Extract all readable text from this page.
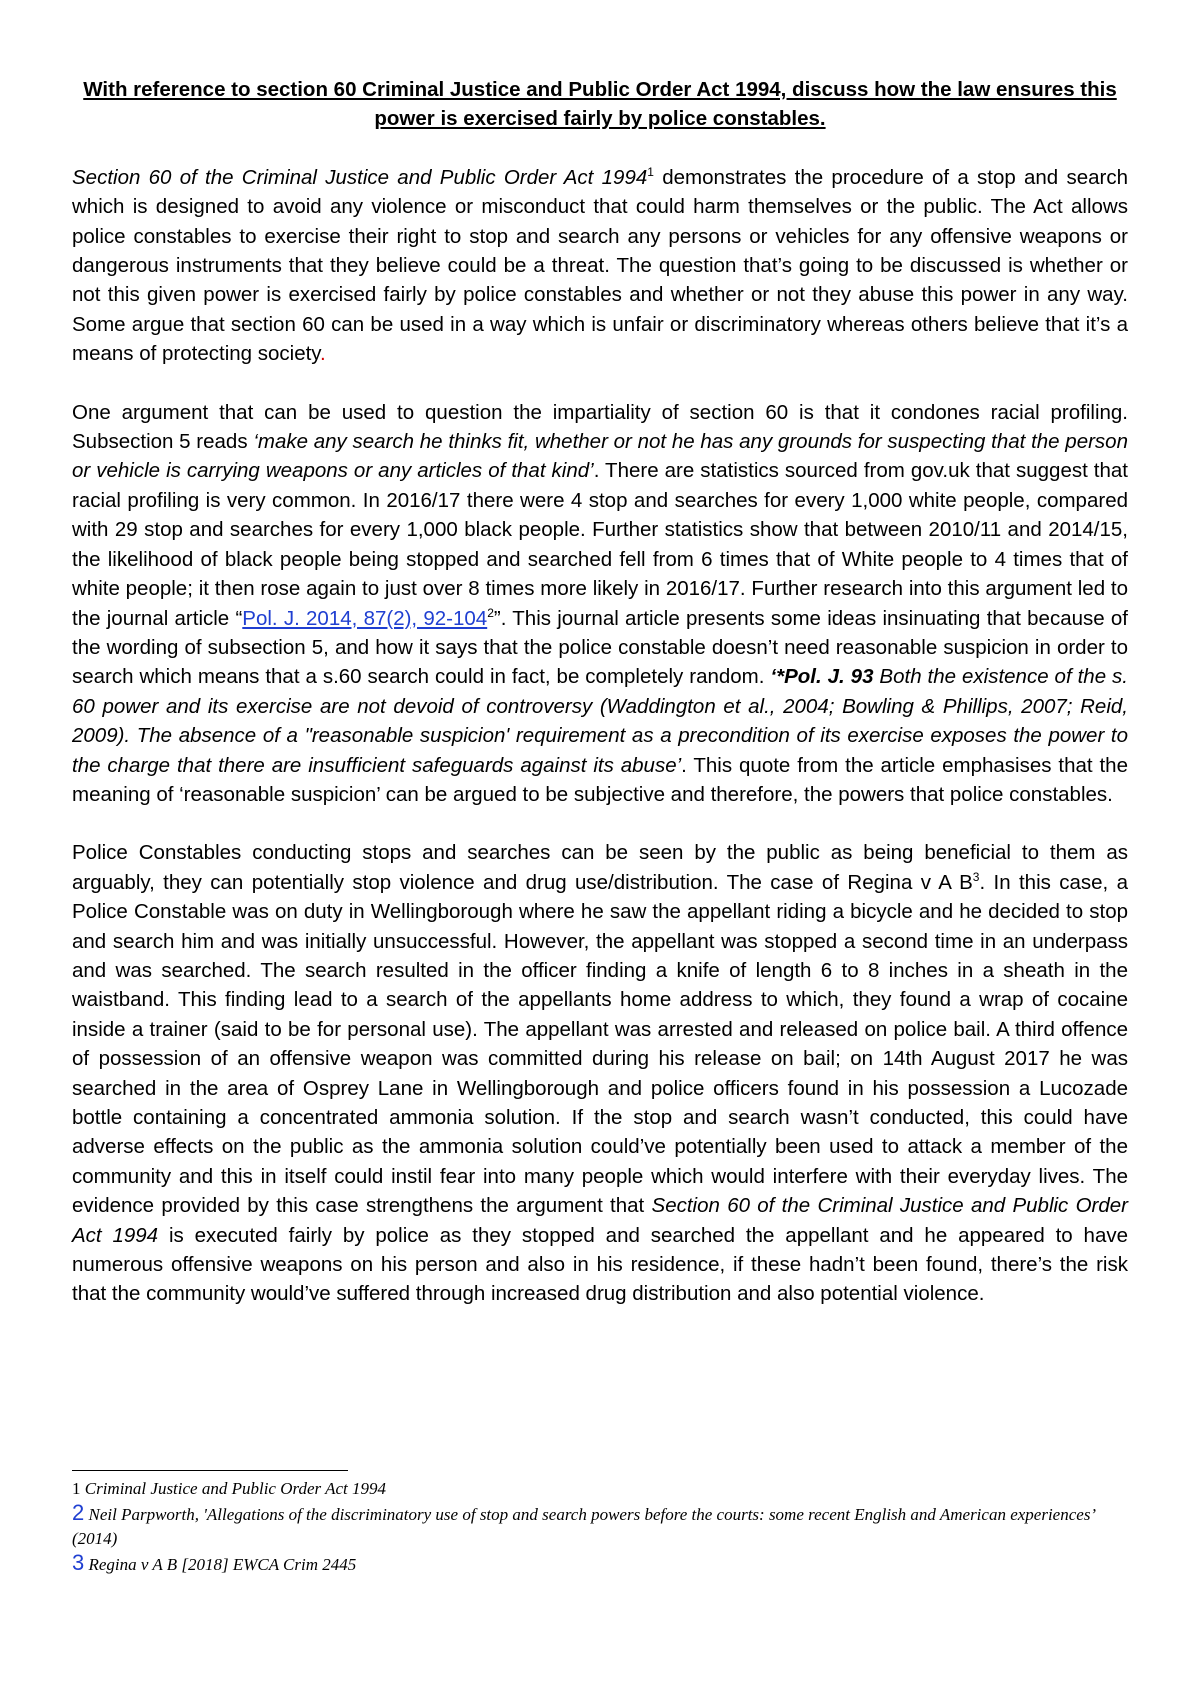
With reference to section 60 Criminal Justice and Public Order Act 1994, discuss how the law ensures this power is exercised fairly by police constables.

Section 60 of the Criminal Justice and Public Order Act 1994$^1$ demonstrates the procedure of a stop and search which is designed to avoid any violence or misconduct that could harm themselves or the public. The Act allows police constables to exercise their right to stop and search any persons or vehicles for any offensive weapons or dangerous instruments that they believe could be a threat. The question that’s going to be discussed is whether or not this given power is exercised fairly by police constables and whether or not they abuse this power in any way. Some argue that section 60 can be used in a way which is unfair or discriminatory whereas others believe that it’s a means of protecting society.

One argument that can be used to question the impartiality of section 60 is that it condones racial profiling. Subsection 5 reads ‘make any search he thinks fit, whether or not he has any grounds for suspecting that the person or vehicle is carrying weapons or any articles of that kind’. There are statistics sourced from gov.uk that suggest that racial profiling is very common. In 2016/17 there were 4 stop and searches for every 1,000 white people, compared with 29 stop and searches for every 1,000 black people. Further statistics show that between 2010/11 and 2014/15, the likelihood of black people being stopped and searched fell from 6 times that of White people to 4 times that of white people; it then rose again to just over 8 times more likely in 2016/17. Further research into this argument led to the journal article “Pol. J. 2014, 87(2), $92-104^2$”. This journal article presents some ideas insinuating that because of the wording of subsection 5, and how it says that the police constable doesn’t need reasonable suspicion in order to search which means that a s.60 search could in fact, be completely random. ‘*Pol. J. 93 Both the existence of the s. 60 power and its exercise are not devoid of controversy (Waddington et al., 2004; Bowling & Phillips, 2007; Reid, 2009). The absence of a "reasonable suspicion' requirement as a precondition of its exercise exposes the power to the charge that there are insufficient safeguards against its abuse’. This quote from the article emphasises that the meaning of ‘reasonable suspicion’ can be argued to be subjective and therefore, the powers that police constables.

Police Constables conducting stops and searches can be seen by the public as being beneficial to them as arguably, they can potentially stop violence and drug use/distribution. The case of Regina v A $B^3$. In this case, a Police Constable was on duty in Wellingborough where he saw the appellant riding a bicycle and he decided to stop and search him and was initially unsuccessful. However, the appellant was stopped a second time in an underpass and was searched. The search resulted in the officer finding a knife of length 6 to 8 inches in a sheath in the waistband. This finding lead to a search of the appellants home address to which, they found a wrap of cocaine inside a trainer (said to be for personal use). The appellant was arrested and released on police bail. A third offence of possession of an offensive weapon was committed during his release on bail; on 14th August 2017 he was searched in the area of Osprey Lane in Wellingborough and police officers found in his possession a Lucozade bottle containing a concentrated ammonia solution. If the stop and search wasn’t conducted, this could have adverse effects on the public as the ammonia solution could’ve potentially been used to attack a member of the community and this in itself could instil fear into many people which would interfere with their everyday lives. The evidence provided by this case strengthens the argument that Section 60 of the Criminal Justice and Public Order Act 1994 is executed fairly by police as they stopped and searched the appellant and he appeared to have numerous offensive weapons on his person and also in his residence, if these hadn’t been found, there’s the risk that the community would’ve suffered through increased drug distribution and also potential violence.

1 Criminal Justice and Public Order Act 1994

2 Neil Parpworth, 'Allegations of the discriminatory use of stop and search powers before the courts: some recent English and American experiences’ (2014)

3 Regina v A B [2018] EWCA Crim 2445
